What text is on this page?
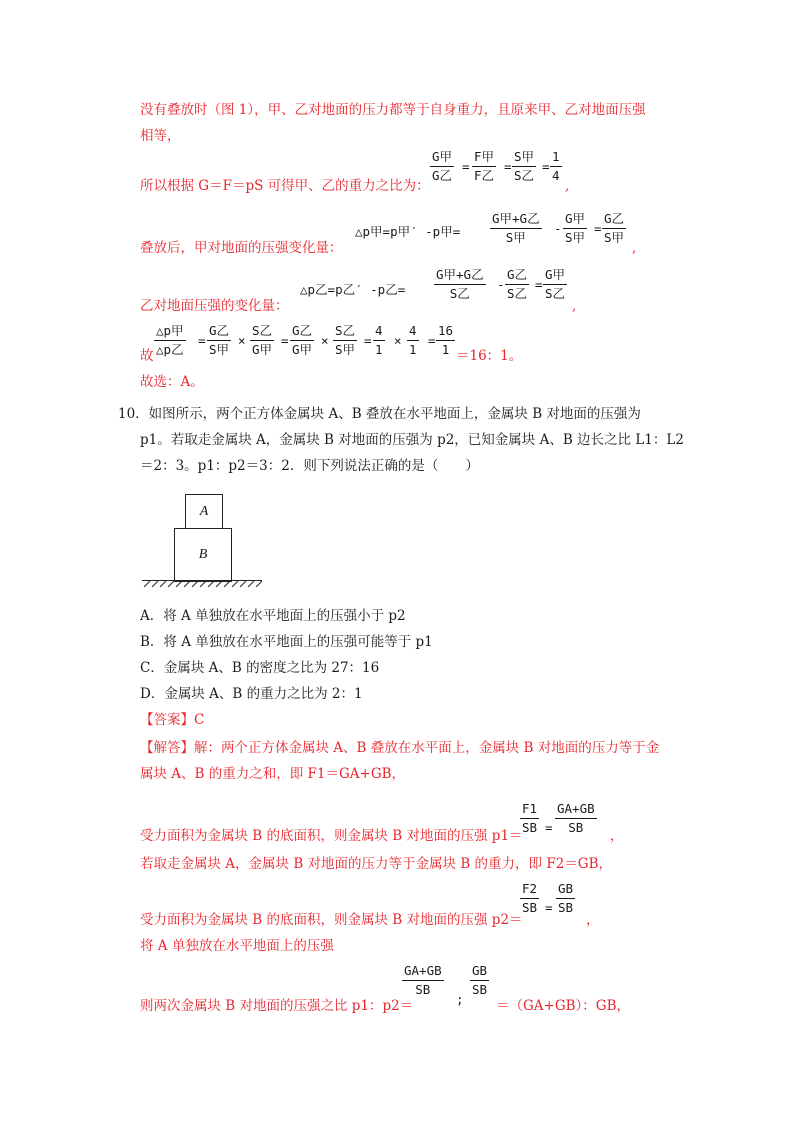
没有叠放时（图 1），甲、乙对地面的压力都等于自身重力，且原来甲、乙对地面压强
相等，
G甲
G乙
=
F甲
F乙
=
S甲
S乙
= $\frac{1}{4}$
所以根据 G＝F＝pS 可得甲、乙的重力之比为：	,
△p甲=p甲′ -p甲=
G甲+G乙
S甲
-
G甲
S甲
=
G乙
S甲
叠放后，甲对地面的压强变化量：	,
△p乙=p乙′ -p乙=
G甲+G乙
S乙
-
G乙
S乙
=
G甲
S乙
乙对地面压强的变化量：	,
故
△p甲
△p乙
=
G乙
S甲
×
S乙
G甲
=
G乙
G甲
×
S乙
S甲
= $\frac{4}{1} \times \frac{4}{1} = \frac{16}{1} =16$：1。
故选：A。
10．如图所示，两个正方体金属块 A、B 叠放在水平地面上，金属块 B 对地面的压强为
p1。若取走金属块 A，金属块 B 对地面的压强为 p2，已知金属块 A、B 边长之比 L1：L2
＝2：3。p1：p2＝3：2．则下列说法正确的是（　　）
A
B
A．将 A 单独放在水平地面上的压强小于 p2
B．将 A 单独放在水平地面上的压强可能等于 p1
C．金属块 A、B 的密度之比为 27：16
D．金属块 A、B 的重力之比为 2：1
【答案】C
【解答】 解：两个正方体金属块 A、B 叠放在水平面上，金属块 B 对地面的压力等于金
属块 A、B 的重力之和，即 F1＝GA+GB，
$\frac{F1}{SB} = \frac{GA+GB}{SB}$
受力面积为金属块 B 的底面积，则金属块 B 对地面的压强 p1＝	，
若取走金属块 A，金属块 B 对地面的压力等于金属块 B 的重力，即 F2＝GB，
$\frac{F2}{SB} = \frac{GB}{SB}$
受力面积为金属块 B 的底面积，则金属块 B 对地面的压强 p2＝	，
将 A 单独放在水平地面上的压强
$\frac{GA+GB}{SB}$
;
$\frac{GB}{SB}$
则两次金属块 B 对地面的压强之比 p1：p2＝	＝（GA+GB）：GB，
